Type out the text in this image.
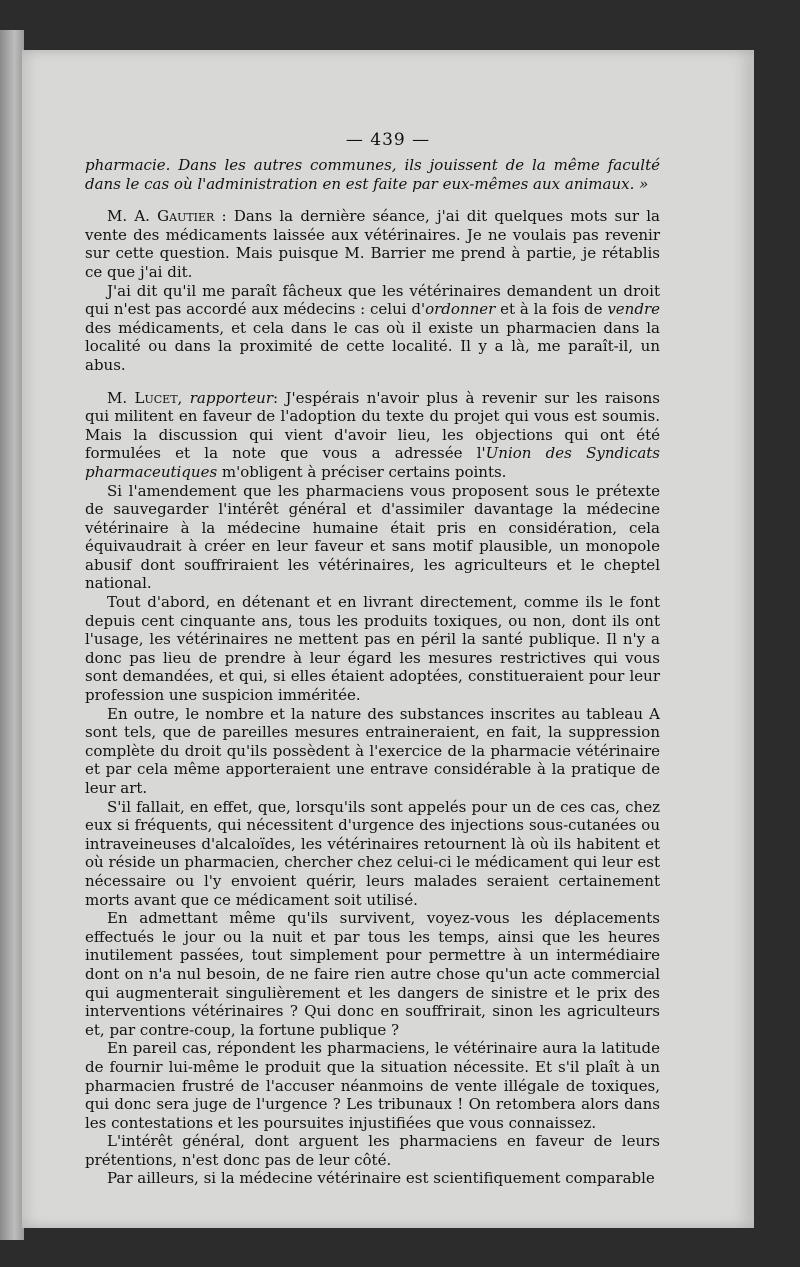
— 439 —

pharmacie. Dans les autres communes, ils jouissent de la même faculté dans le cas où l'administration en est faite par eux-mêmes aux animaux. »

M. A. Gautier : Dans la dernière séance, j'ai dit quelques mots sur la vente des médicaments laissée aux vétérinaires. Je ne voulais pas revenir sur cette question. Mais puisque M. Barrier me prend à partie, je rétablis ce que j'ai dit.

J'ai dit qu'il me paraît fâcheux que les vétérinaires demandent un droit qui n'est pas accordé aux médecins : celui d'ordonner et à la fois de vendre des médicaments, et cela dans le cas où il existe un pharmacien dans la localité ou dans la proximité de cette localité. Il y a là, me paraît-il, un abus.

M. Lucet, rapporteur: J'espérais n'avoir plus à revenir sur les raisons qui militent en faveur de l'adoption du texte du projet qui vous est soumis. Mais la discussion qui vient d'avoir lieu, les objections qui ont été formulées et la note que vous a adressée l'Union des Syndicats pharmaceutiques m'obligent à préciser certains points.

Si l'amendement que les pharmaciens vous proposent sous le prétexte de sauvegarder l'intérêt général et d'assimiler davantage la médecine vétérinaire à la médecine humaine était pris en considération, cela équivaudrait à créer en leur faveur et sans motif plausible, un monopole abusif dont souffriraient les vétérinaires, les agriculteurs et le cheptel national.

Tout d'abord, en détenant et en livrant directement, comme ils le font depuis cent cinquante ans, tous les produits toxiques, ou non, dont ils ont l'usage, les vétérinaires ne mettent pas en péril la santé publique. Il n'y a donc pas lieu de prendre à leur égard les mesures restrictives qui vous sont demandées, et qui, si elles étaient adoptées, constitueraient pour leur profession une suspicion imméritée.

En outre, le nombre et la nature des substances inscrites au tableau A sont tels, que de pareilles mesures entraineraient, en fait, la suppression complète du droit qu'ils possèdent à l'exercice de la pharmacie vétérinaire et par cela même apporteraient une entrave considérable à la pratique de leur art.

S'il fallait, en effet, que, lorsqu'ils sont appelés pour un de ces cas, chez eux si fréquents, qui nécessitent d'urgence des injections sous-cutanées ou intraveineuses d'alcaloïdes, les vétérinaires retournent là où ils habitent et où réside un pharmacien, chercher chez celui-ci le médicament qui leur est nécessaire ou l'y envoient quérir, leurs malades seraient certainement morts avant que ce médicament soit utilisé.

En admettant même qu'ils survivent, voyez-vous les déplacements effectués le jour ou la nuit et par tous les temps, ainsi que les heures inutilement passées, tout simplement pour permettre à un intermédiaire dont on n'a nul besoin, de ne faire rien autre chose qu'un acte commercial qui augmenterait singulièrement et les dangers de sinistre et le prix des interventions vétérinaires ? Qui donc en souffrirait, sinon les agriculteurs et, par contre-coup, la fortune publique ?

En pareil cas, répondent les pharmaciens, le vétérinaire aura la latitude de fournir lui-même le produit que la situation nécessite. Et s'il plaît à un pharmacien frustré de l'accuser néanmoins de vente illégale de toxiques, qui donc sera juge de l'urgence ? Les tribunaux ! On retombera alors dans les contestations et les poursuites injustifiées que vous connaissez.

L'intérêt général, dont arguent les pharmaciens en faveur de leurs prétentions, n'est donc pas de leur côté.

Par ailleurs, si la médecine vétérinaire est scientifiquement comparable
